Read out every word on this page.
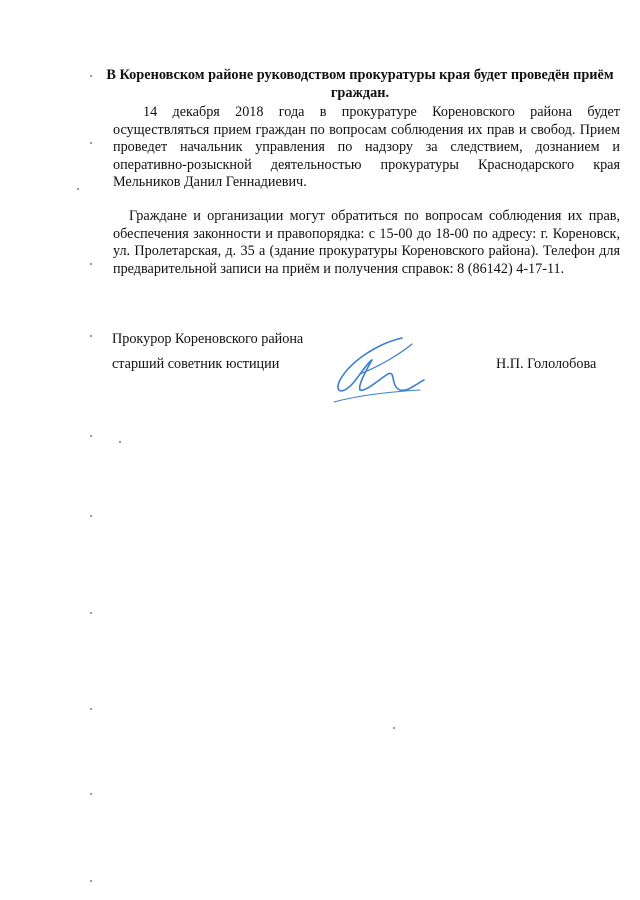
В Кореновском районе руководством прокуратуры края будет проведён приём граждан.

14 декабря 2018 года в прокуратуре Кореновского района будет осуществляться прием граждан по вопросам соблюдения их прав и свобод. Прием проведет начальник управления по надзору за следствием, дознанием и оперативно-розыскной деятельностью прокуратуры Краснодарского края Мельников Данил Геннадиевич.

Граждане и организации могут обратиться по вопросам соблюдения их прав, обеспечения законности и правопорядка: с 15-00 до 18-00 по адресу: г. Кореновск, ул. Пролетарская, д. 35 а (здание прокуратуры Кореновского района). Телефон для предварительной записи на приём и получения справок: 8 (86142) 4-17-11.

Прокурор Кореновского района

старший советник юстиции	Н.П. Гололобова
